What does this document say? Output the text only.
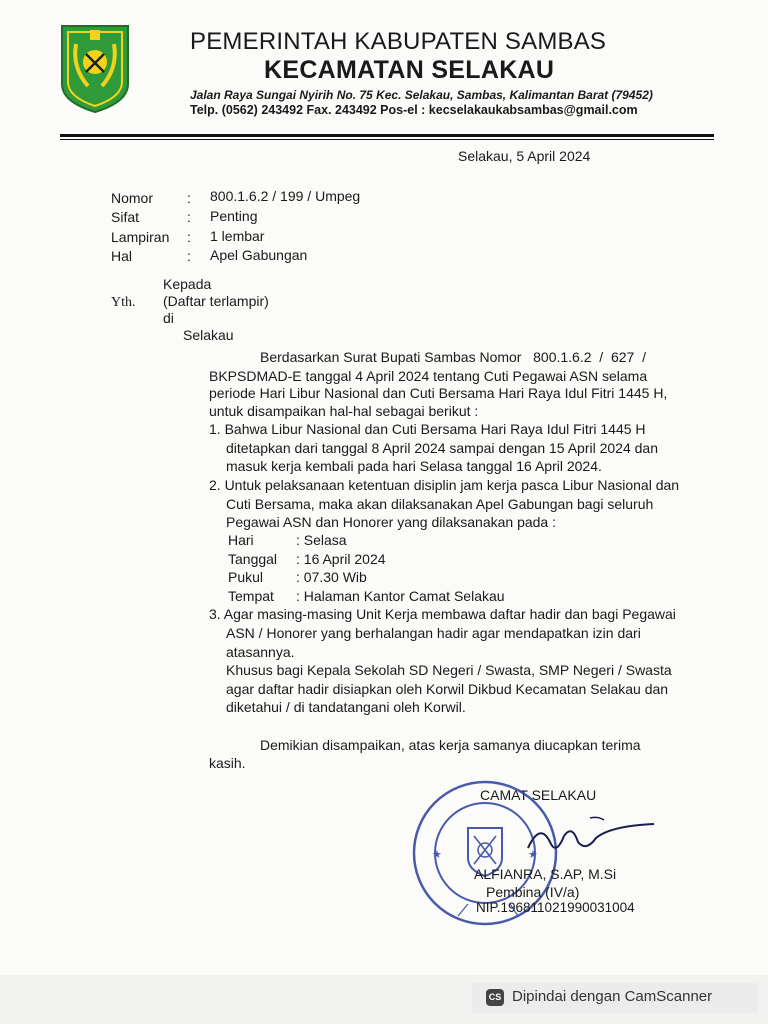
PEMERINTAH KABUPATEN SAMBAS
KECAMATAN SELAKAU
Jalan Raya Sungai Nyirih No. 75 Kec. Selakau, Sambas, Kalimantan Barat (79452)
Telp. (0562) 243492 Fax. 243492 Pos-el : kecselakaukabsambas@gmail.com
Selakau, 5 April 2024
Nomor : 800.1.6.2 / 199 / Umpeg
Sifat	: Penting
Lampiran : 1 lembar
Hal	: Apel Gabungan
Kepada
Yth. (Daftar terlampir)
di
Selakau
Berdasarkan Surat Bupati Sambas Nomor   800.1.6.2  /  627  /
BKPSDMAD-E tanggal 4 April 2024 tentang Cuti Pegawai ASN selama
periode Hari Libur Nasional dan Cuti Bersama Hari Raya Idul Fitri 1445 H,
untuk disampaikan hal-hal sebagai berikut :
1. Bahwa Libur Nasional dan Cuti Bersama Hari Raya Idul Fitri 1445 H
ditetapkan dari tanggal 8 April 2024 sampai dengan 15 April 2024 dan
masuk kerja kembali pada hari Selasa tanggal 16 April 2024.
2. Untuk pelaksanaan ketentuan disiplin jam kerja pasca Libur Nasional dan
Cuti Bersama, maka akan dilaksanakan Apel Gabungan bagi seluruh
Pegawai ASN dan Honorer yang dilaksanakan pada :
Hari	: Selasa
Tanggal : 16 April 2024
Pukul : 07.30 Wib
Tempat : Halaman Kantor Camat Selakau
3. Agar masing-masing Unit Kerja membawa daftar hadir dan bagi Pegawai
ASN / Honorer yang berhalangan hadir agar mendapatkan izin dari
atasannya.
Khusus bagi Kepala Sekolah SD Negeri / Swasta, SMP Negeri / Swasta
agar daftar hadir disiapkan oleh Korwil Dikbud Kecamatan Selakau dan
diketahui / di tandatangani oleh Korwil.
Demikian disampaikan, atas kerja samanya diucapkan terima
kasih.
CAMAT SELAKAU
★	★
ALFIANRA, S.AP, M.Si
Pembina (IV/a)
NIP.196811021990031004
CS Dipindai dengan CamScanner
